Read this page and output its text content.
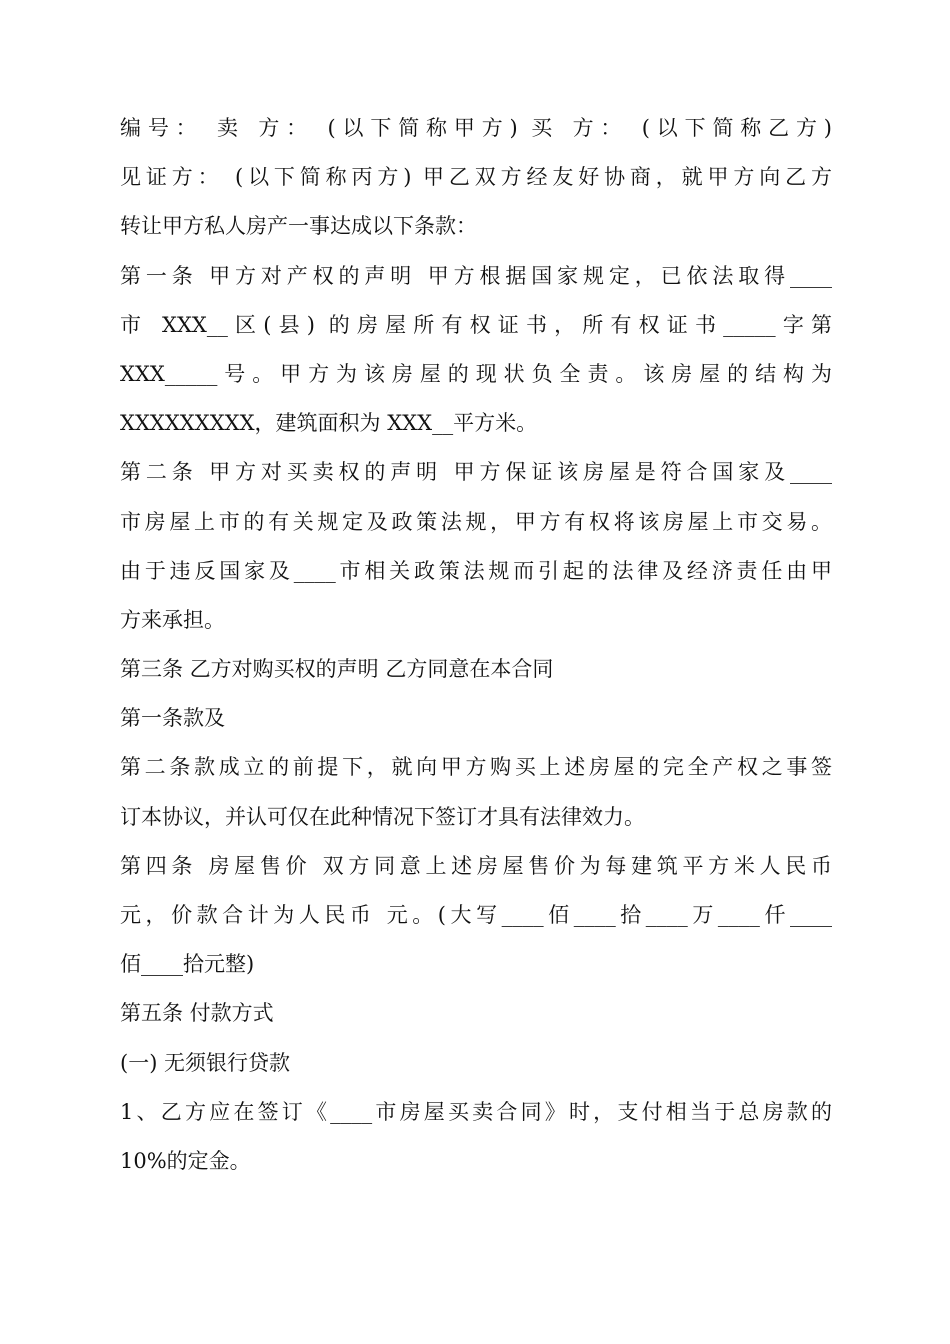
编号： 卖 方： (以下简称甲方) 买 方： (以下简称乙方)
见证方： (以下简称丙方) 甲乙双方经友好协商，就甲方向乙方
转让甲方私人房产一事达成以下条款：
第一条 甲方对产权的声明 甲方根据国家规定，已依法取得____
市 XXX__区(县) 的房屋所有权证书，所有权证书_____字第
XXX_____号。甲方为该房屋的现状负全责。该房屋的结构为
XXXXXXXXX，建筑面积为 XXX__平方米。
第二条 甲方对买卖权的声明 甲方保证该房屋是符合国家及____
市房屋上市的有关规定及政策法规，甲方有权将该房屋上市交易。
由于违反国家及____市相关政策法规而引起的法律及经济责任由甲
方来承担。
第三条 乙方对购买权的声明 乙方同意在本合同
第一条款及
第二条款成立的前提下，就向甲方购买上述房屋的完全产权之事签
订本协议，并认可仅在此种情况下签订才具有法律效力。
第四条 房屋售价 双方同意上述房屋售价为每建筑平方米人民币
元，价款合计为人民币 元。(大写____佰____拾____万____仟____
佰____拾元整)
第五条 付款方式
(一) 无须银行贷款
1、乙方应在签订《____市房屋买卖合同》时，支付相当于总房款的
10%的定金。
